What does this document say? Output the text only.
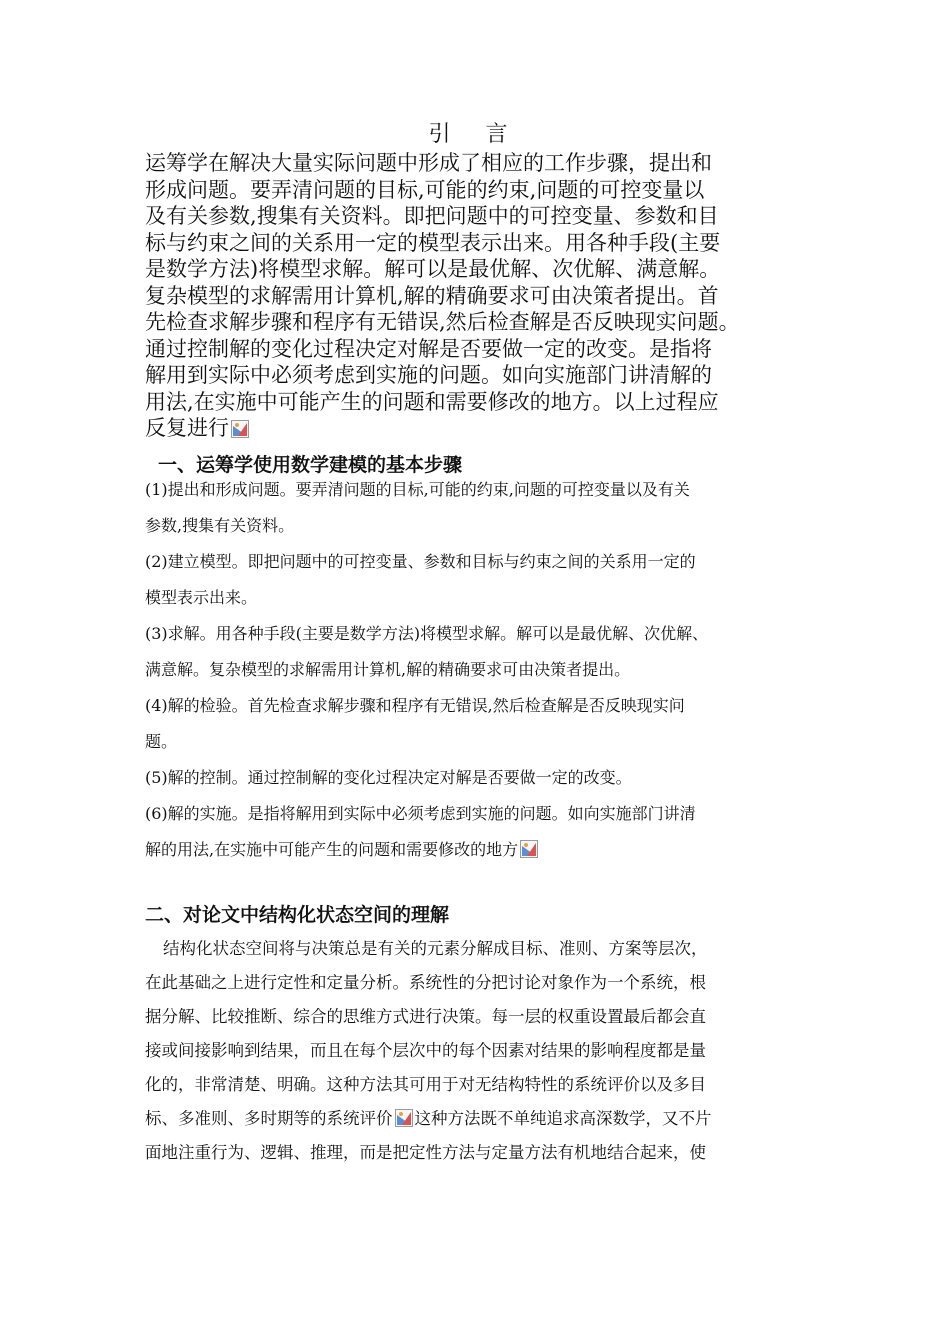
引 言
运筹学在解决大量实际问题中形成了相应的工作步骤，提出和
形成问题。要弄清问题的目标,可能的约束,问题的可控变量以
及有关参数,搜集有关资料。即把问题中的可控变量、参数和目
标与约束之间的关系用一定的模型表示出来。用各种手段(主要
是数学方法)将模型求解。解可以是最优解、次优解、满意解。
复杂模型的求解需用计算机,解的精确要求可由决策者提出。首
先检查求解步骤和程序有无错误,然后检查解是否反映现实问题。
通过控制解的变化过程决定对解是否要做一定的改变。是指将
解用到实际中必须考虑到实施的问题。如向实施部门讲清解的
用法,在实施中可能产生的问题和需要修改的地方。以上过程应
反复进行
一、运筹学使用数学建模的基本步骤
(1)提出和形成问题。要弄清问题的目标,可能的约束,问题的可控变量以及有关
参数,搜集有关资料。
(2)建立模型。即把问题中的可控变量、参数和目标与约束之间的关系用一定的
模型表示出来。
(3)求解。用各种手段(主要是数学方法)将模型求解。解可以是最优解、次优解、
满意解。复杂模型的求解需用计算机,解的精确要求可由决策者提出。
(4)解的检验。首先检查求解步骤和程序有无错误,然后检查解是否反映现实问
题。
(5)解的控制。通过控制解的变化过程决定对解是否要做一定的改变。
(6)解的实施。是指将解用到实际中必须考虑到实施的问题。如向实施部门讲清
解的用法,在实施中可能产生的问题和需要修改的地方
二、对论文中结构化状态空间的理解
结构化状态空间将与决策总是有关的元素分解成目标、准则、方案等层次，
在此基础之上进行定性和定量分析。系统性的分把讨论对象作为一个系统，根
据分解、比较推断、综合的思维方式进行决策。每一层的权重设置最后都会直
接或间接影响到结果，而且在每个层次中的每个因素对结果的影响程度都是量
化的，非常清楚、明确。这种方法其可用于对无结构特性的系统评价以及多目
标、多准则、多时期等的系统评价 这种方法既不单纯追求高深数学，又不片
面地注重行为、逻辑、推理，而是把定性方法与定量方法有机地结合起来，使
